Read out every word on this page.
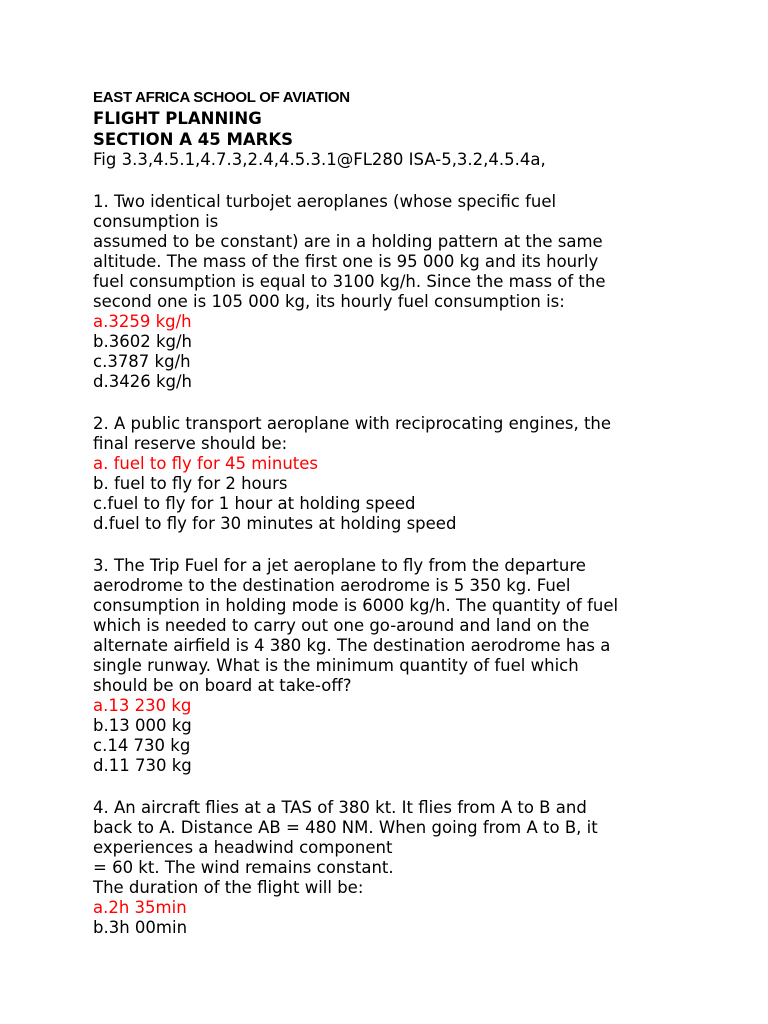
EAST AFRICA SCHOOL OF AVIATION
FLIGHT PLANNING
SECTION A 45 MARKS
Fig 3.3,4.5.1,4.7.3,2.4,4.5.3.1@FL280 ISA-5,3.2,4.5.4a,
1. Two identical turbojet aeroplanes (whose specific fuel
consumption is
assumed to be constant) are in a holding pattern at the same
altitude. The mass of the first one is 95 000 kg and its hourly
fuel consumption is equal to 3100 kg/h. Since the mass of the
second one is 105 000 kg, its hourly fuel consumption is:
a.3259 kg/h
b.3602 kg/h
c.3787 kg/h
d.3426 kg/h
2. A public transport aeroplane with reciprocating engines, the
final reserve should be:
a. fuel to fly for 45 minutes
b. fuel to fly for 2 hours
c.fuel to fly for 1 hour at holding speed
d.fuel to fly for 30 minutes at holding speed
3. The Trip Fuel for a jet aeroplane to fly from the departure
aerodrome to the destination aerodrome is 5 350 kg. Fuel
consumption in holding mode is 6000 kg/h. The quantity of fuel
which is needed to carry out one go-around and land on the
alternate airfield is 4 380 kg. The destination aerodrome has a
single runway. What is the minimum quantity of fuel which
should be on board at take-off?
a.13 230 kg
b.13 000 kg
c.14 730 kg
d.11 730 kg
4. An aircraft flies at a TAS of 380 kt. It flies from A to B and
back to A. Distance AB = 480 NM. When going from A to B, it
experiences a headwind component
= 60 kt. The wind remains constant.
The duration of the flight will be:
a.2h 35min
b.3h 00min
